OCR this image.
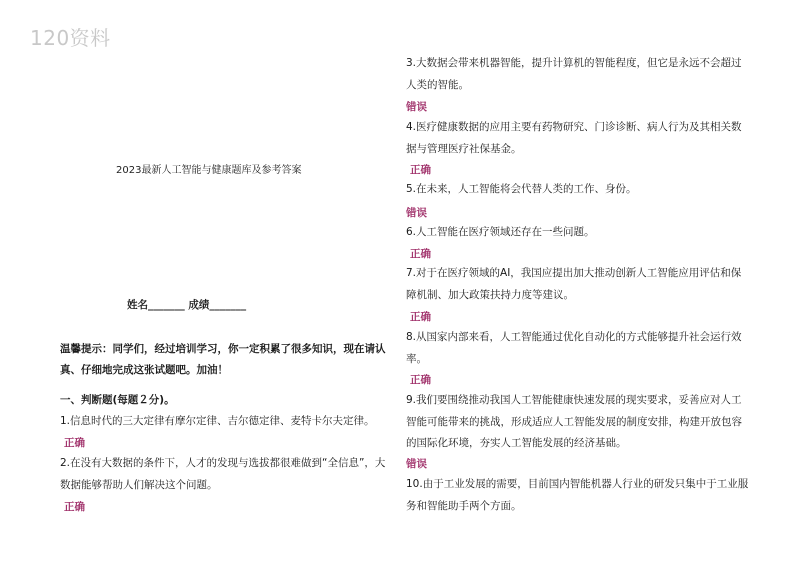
120资料
2023最新人工智能与健康题库及参考答案
姓名_______ 成绩_______
温馨提示：同学们，经过培训学习，你一定积累了很多知识，现在请认真、仔细地完成这张试题吧。加油！
一、判断题(每题２分)。
1.信息时代的三大定律有摩尔定律、吉尔德定律、麦特卡尔夫定律。
正确
2.在没有大数据的条件下，人才的发现与选拔都很难做到“全信息”，大数据能够帮助人们解决这个问题。
正确
3.大数据会带来机器智能，提升计算机的智能程度，但它是永远不会超过人类的智能。
错误
4.医疗健康数据的应用主要有药物研究、门诊诊断、病人行为及其相关数据与管理医疗社保基金。
正确
5.在未来，人工智能将会代替人类的工作、身份。
错误
6.人工智能在医疗领域还存在一些问题。
正确
7.对于在医疗领域的AI，我国应提出加大推动创新人工智能应用评估和保障机制、加大政策扶持力度等建议。
正确
8.从国家内部来看，人工智能通过优化自动化的方式能够提升社会运行效率。
正确
9.我们要围绕推动我国人工智能健康快速发展的现实要求，妥善应对人工智能可能带来的挑战，形成适应人工智能发展的制度安排，构建开放包容的国际化环境，夯实人工智能发展的经济基础。
错误
10.由于工业发展的需要，目前国内智能机器人行业的研发只集中于工业服务和智能助手两个方面。
